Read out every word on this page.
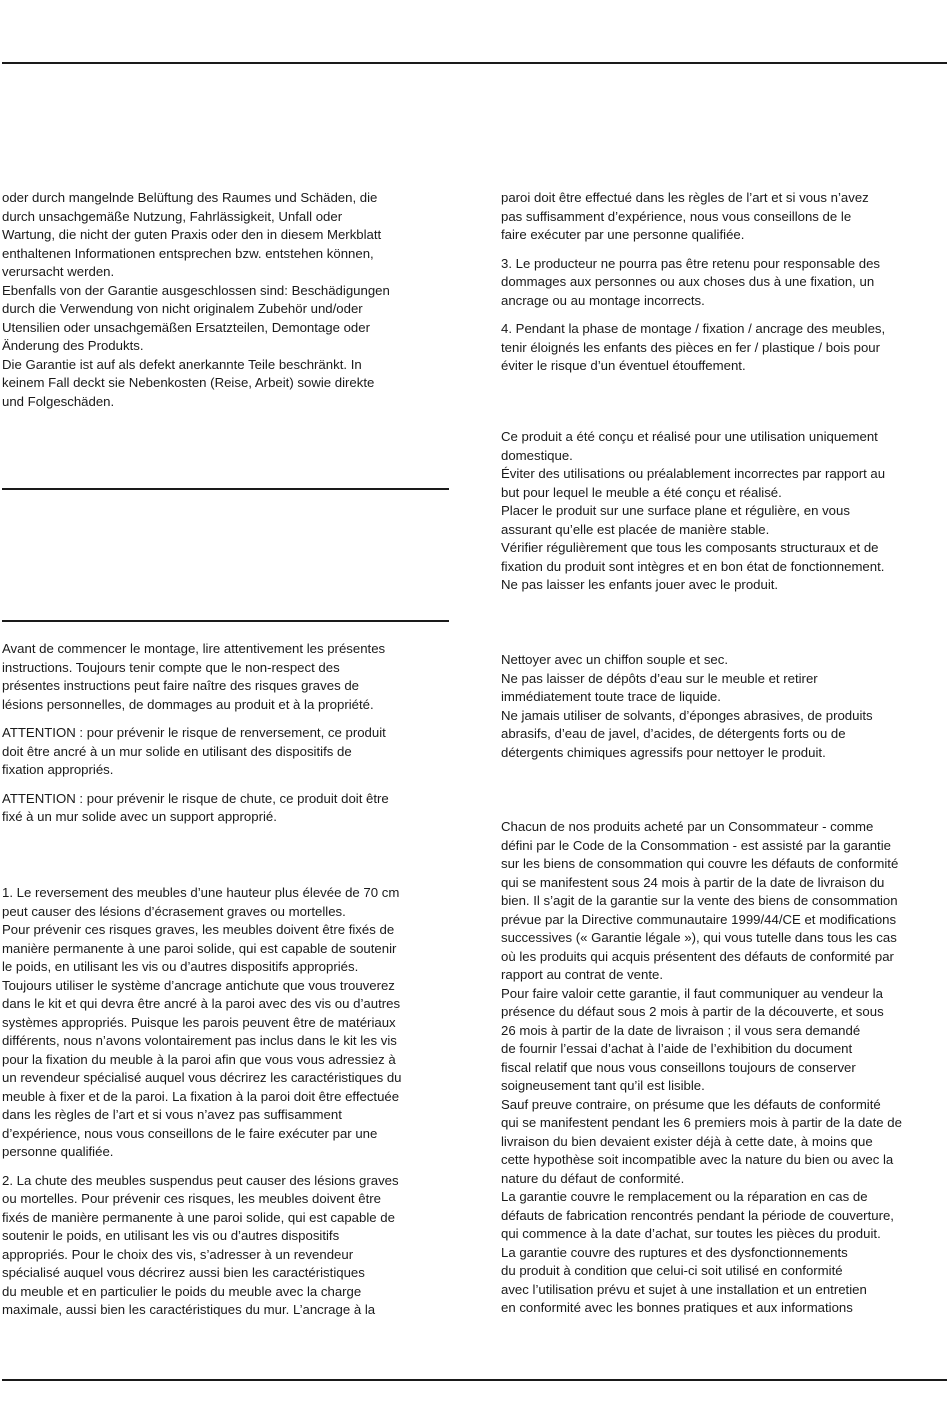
oder durch mangelnde Belüftung des Raumes und Schäden, die
durch unsachgemäße Nutzung, Fahrlässigkeit, Unfall oder
Wartung, die nicht der guten Praxis oder den in diesem Merkblatt
enthaltenen Informationen entsprechen bzw. entstehen können,
verursacht werden.
Ebenfalls von der Garantie ausgeschlossen sind: Beschädigungen
durch die Verwendung von nicht originalem Zubehör und/oder
Utensilien oder unsachgemäßen Ersatzteilen, Demontage oder
Änderung des Produkts.
Die Garantie ist auf als defekt anerkannte Teile beschränkt. In
keinem Fall deckt sie Nebenkosten (Reise, Arbeit) sowie direkte
und Folgeschäden.

Avant de commencer le montage, lire attentivement les présentes
instructions. Toujours tenir compte que le non-respect des
présentes instructions peut faire naître des risques graves de
lésions personnelles, de dommages au produit et à la propriété.

ATTENTION : pour prévenir le risque de renversement, ce produit
doit être ancré à un mur solide en utilisant des dispositifs de
fixation appropriés.

ATTENTION : pour prévenir le risque de chute, ce produit doit être
fixé à un mur solide avec un support approprié.

1. Le reversement des meubles d’une hauteur plus élevée de 70 cm
peut causer des lésions d’écrasement graves ou mortelles.
Pour prévenir ces risques graves, les meubles doivent être fixés de
manière permanente à une paroi solide, qui est capable de soutenir
le poids, en utilisant les vis ou d’autres dispositifs appropriés.
Toujours utiliser le système d’ancrage antichute que vous trouverez
dans le kit et qui devra être ancré à la paroi avec des vis ou d’autres
systèmes appropriés. Puisque les parois peuvent être de matériaux
différents, nous n’avons volontairement pas inclus dans le kit les vis
pour la fixation du meuble à la paroi afin que vous vous adressiez à
un revendeur spécialisé auquel vous décrirez les caractéristiques du
meuble à fixer et de la paroi. La fixation à la paroi doit être effectuée
dans les règles de l’art et si vous n’avez pas suffisamment
d’expérience, nous vous conseillons de le faire exécuter par une
personne qualifiée.

2. La chute des meubles suspendus peut causer des lésions graves
ou mortelles. Pour prévenir ces risques, les meubles doivent être
fixés de manière permanente à une paroi solide, qui est capable de
soutenir le poids, en utilisant les vis ou d’autres dispositifs
appropriés. Pour le choix des vis, s’adresser à un revendeur
spécialisé auquel vous décrirez aussi bien les caractéristiques
du meuble et en particulier le poids du meuble avec la charge
maximale, aussi bien les caractéristiques du mur. L’ancrage à la

paroi doit être effectué dans les règles de l’art et si vous n’avez
pas suffisamment d’expérience, nous vous conseillons de le
faire exécuter par une personne qualifiée.

3. Le producteur ne pourra pas être retenu pour responsable des
dommages aux personnes ou aux choses dus à une fixation, un
ancrage ou au montage incorrects.

4. Pendant la phase de montage / fixation / ancrage des meubles,
tenir éloignés les enfants des pièces en fer / plastique / bois pour
éviter le risque d’un éventuel étouffement.

Ce produit a été conçu et réalisé pour une utilisation uniquement
domestique.
Éviter des utilisations ou préalablement incorrectes par rapport au
but pour lequel le meuble a été conçu et réalisé.
Placer le produit sur une surface plane et régulière, en vous
assurant qu’elle est placée de manière stable.
Vérifier régulièrement que tous les composants structuraux et de
fixation du produit sont intègres et en bon état de fonctionnement.
Ne pas laisser les enfants jouer avec le produit.

Nettoyer avec un chiffon souple et sec.
Ne pas laisser de dépôts d’eau sur le meuble et retirer
immédiatement toute trace de liquide.
Ne jamais utiliser de solvants, d’éponges abrasives, de produits
abrasifs, d’eau de javel, d’acides, de détergents forts ou de
détergents chimiques agressifs pour nettoyer le produit.

Chacun de nos produits acheté par un Consommateur - comme
défini par le Code de la Consommation - est assisté par la garantie
sur les biens de consommation qui couvre les défauts de conformité
qui se manifestent sous 24 mois à partir de la date de livraison du
bien. Il s’agit de la garantie sur la vente des biens de consommation
prévue par la Directive communautaire 1999/44/CE et modifications
successives (« Garantie légale »), qui vous tutelle dans tous les cas
où les produits qui acquis présentent des défauts de conformité par
rapport au contrat de vente.
Pour faire valoir cette garantie, il faut communiquer au vendeur la
présence du défaut sous 2 mois à partir de la découverte, et sous
26 mois à partir de la date de livraison ; il vous sera demandé
de fournir l’essai d’achat à l’aide de l’exhibition du document
fiscal relatif que nous vous conseillons toujours de conserver
soigneusement tant qu’il est lisible.
Sauf preuve contraire, on présume que les défauts de conformité
qui se manifestent pendant les 6 premiers mois à partir de la date de
livraison du bien devaient exister déjà à cette date, à moins que
cette hypothèse soit incompatible avec la nature du bien ou avec la
nature du défaut de conformité.
La garantie couvre le remplacement ou la réparation en cas de
défauts de fabrication rencontrés pendant la période de couverture,
qui commence à la date d’achat, sur toutes les pièces du produit.
La garantie couvre des ruptures et des dysfonctionnements
du produit à condition que celui-ci soit utilisé en conformité
avec l’utilisation prévu et sujet à une installation et un entretien
en conformité avec les bonnes pratiques et aux informations
